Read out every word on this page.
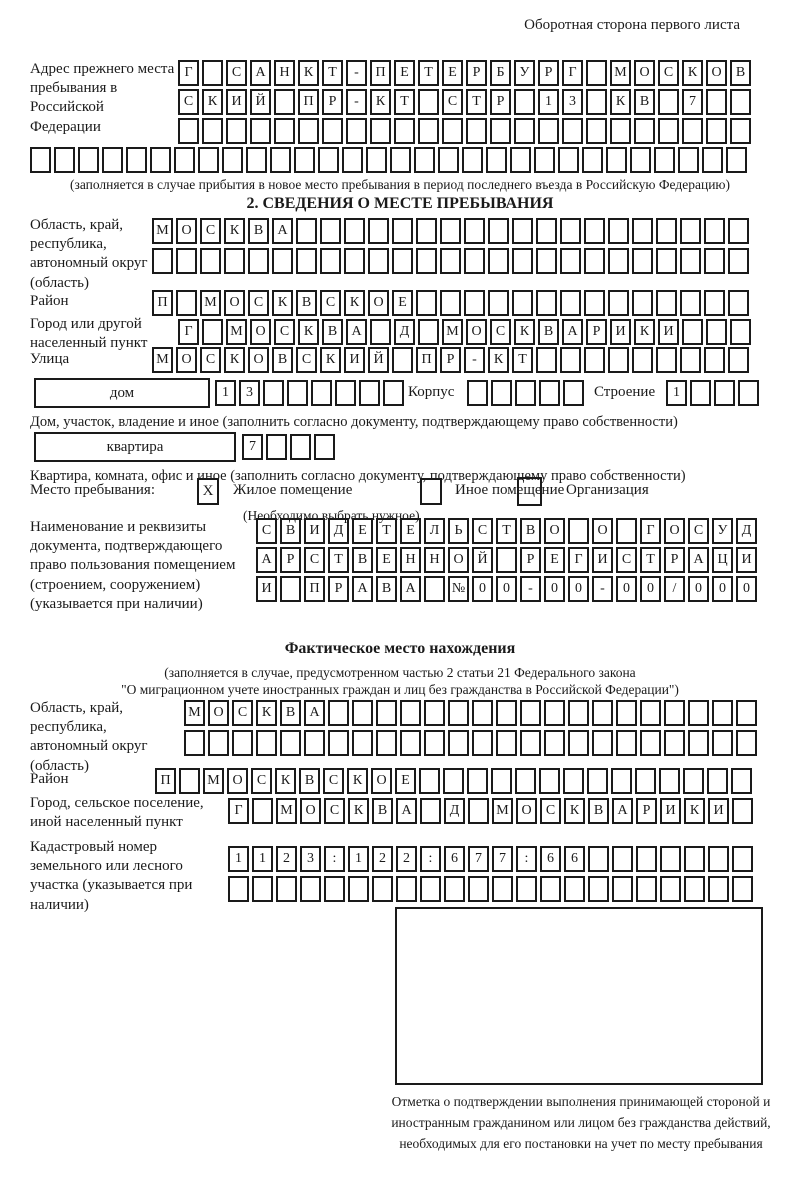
Оборотная сторона первого листа
Адрес прежнего места пребывания в Российской Федерации
Г	С	А Н	К	Т	-	П	Е	Т	Е	Р	Б	У	Р	Г	М О	С	К	О	В
С	К	И Й	П	Р	-	К	Т	С	Т	Р	1	3	К	В	7
(заполняется в случае прибытия в новое место пребывания в период последнего въезда в Российскую Федерацию)
2. СВЕДЕНИЯ О МЕСТЕ ПРЕБЫВАНИЯ
Область, край, республика, автономный округ (область)
М О	С	К	В	А
Район	П	М О	С	К	В	С	К	О	Е
Город или другой населенный пункт
Г	М О	С	К	В	А	Д	М О	С	К	В	А	Р	И	К	И
Улица	М О	С	К	О	В	С	К	И Й	П	Р	-	К	Т
дом	1	3	Корпус	Строение	1
Дом, участок, владение и иное (заполнить согласно документу, подтверждающему право собственности)
квартира	7
Квартира, комната, офис и иное (заполнить согласно документу, подтверждающему право собственности)
Место пребывания:	X	Жилое помещение	Иное помещение Организация
(Необходимо выбрать нужное)
Наименование и реквизиты документа, подтверждающего право пользования помещением (строением, сооружением) (указывается при наличии)
С	В	И	Д	Е	Т	Е	Л	Ь	С	Т	В	О	О	Г	О	С	У	Д
А	Р	С	Т	В	Е	Н Н О Й	Р	Е	Г	И	С	Т	Р	А Ц И
И	П	Р	А	В	А	№ 0	0	-	0	0	-	0	0	/	0	0	0
Фактическое место нахождения
(заполняется в случае, предусмотренном частью 2 статьи 21 Федерального закона
"О миграционном учете иностранных граждан и лиц без гражданства в Российской Федерации")
Область, край, республика, автономный округ (область)
М О	С	К	В	А
Район	П	М О	С	К	В	С	К	О	Е
Город, сельское поселение, иной населенный пункт
Г	М О	С	К	В	А	Д	М О	С	К	В	А	Р	И	К	И
Кадастровый номер земельного или лесного участка (указывается при наличии)
1	1	2	3	:	1	2	2	:	6	7	7	:	6	6
Отметка о подтверждении выполнения принимающей стороной и иностранным гражданином или лицом без гражданства действий, необходимых для его постановки на учет по месту пребывания
